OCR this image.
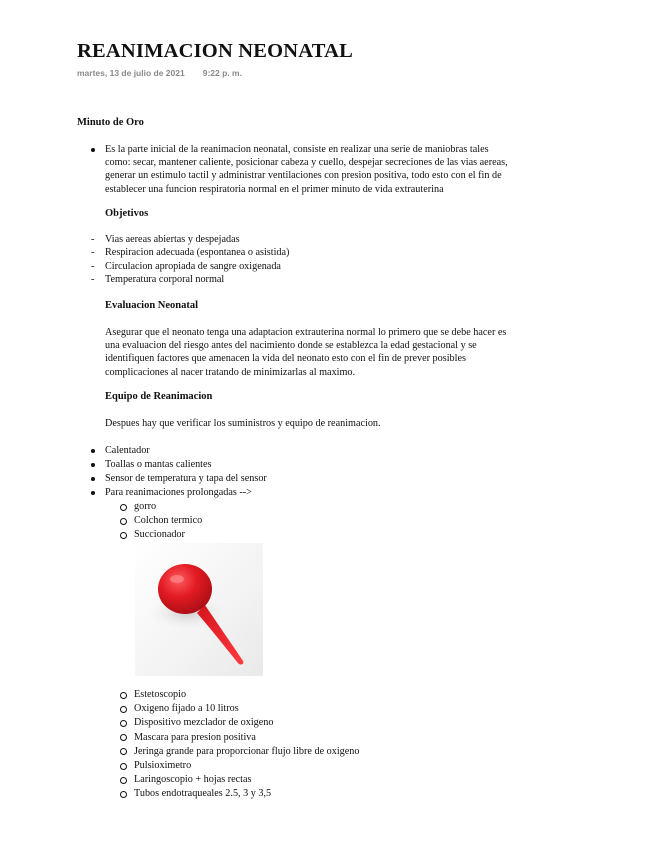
REANIMACION NEONATAL
martes, 13 de julio de 2021 9:22 p. m.
Minuto de Oro
Es la parte inicial de la reanimacion neonatal, consiste en realizar una serie de maniobras tales
como: secar, mantener caliente, posicionar cabeza y cuello, despejar secreciones de las vias aereas,
generar un estimulo tactil y administrar ventilaciones con presion positiva, todo esto con el fin de
establecer una funcion respiratoria normal en el primer minuto de vida extrauterina
Objetivos
- Vias aereas abiertas y despejadas
- Respiracion adecuada (espontanea o asistida)
- Circulacion apropiada de sangre oxigenada
- Temperatura corporal normal
Evaluacion Neonatal
Asegurar que el neonato tenga una adaptacion extrauterina normal lo primero que se debe hacer es
una evaluacion del riesgo antes del nacimiento donde se establezca la edad gestacional y se
identifiquen factores que amenacen la vida del neonato esto con el fin de prever posibles
complicaciones al nacer tratando de minimizarlas al maximo.
Equipo de Reanimacion
Despues hay que verificar los suministros y equipo de reanimacion.
Calentador
Toallas o mantas calientes
Sensor de temperatura y tapa del sensor
Para reanimaciones prolongadas -->
gorro
Colchon termico
Succionador
Estetoscopio
Oxigeno fijado a 10 litros
Dispositivo mezclador de oxigeno
Mascara para presion positiva
Jeringa grande para proporcionar flujo libre de oxigeno
Pulsioximetro
Laringoscopio + hojas rectas
Tubos endotraqueales 2.5, 3 y 3,5
